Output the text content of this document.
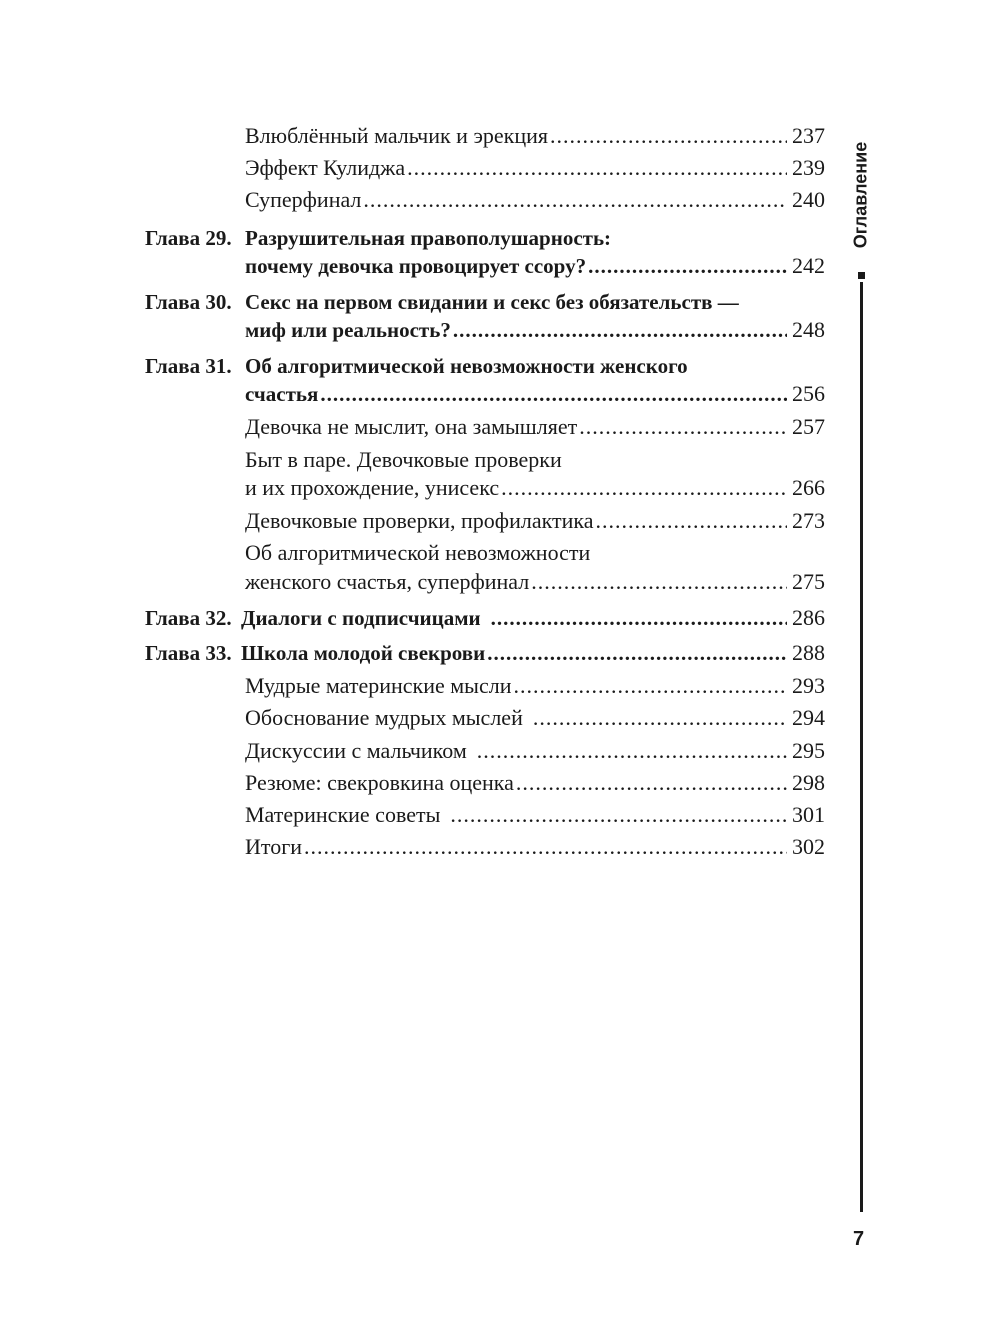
Влюблённый мальчик и эрекция .....	237
Эффект Кулиджа .....	239
Суперфинал .....	240
Глава 29. Разрушительная правополушарность:
почему девочка провоцирует ссору? .....	242
Глава 30. Секс на первом свидании и секс без обязательств —
миф или реальность? .....	248
Глава 31. Об алгоритмической невозможности женского
счастья .....	256
Девочка не мыслит, она замышляет .....	257
Быт в паре. Девочковые проверки
и их прохождение, унисекс .....	266
Девочковые проверки, профилактика .....	273
Об алгоритмической невозможности
женского счастья, суперфинал .....	275
Глава 32. Диалоги с подписчицами .....	286
Глава 33. Школа молодой свекрови .....	288
Мудрые материнские мысли .....	293
Обоснование мудрых мыслей .....	294
Дискуссии с мальчиком .....	295
Резюме: свекровкина оценка .....	298
Материнские советы .....	301
Итоги .....	302
Оглавление
7
